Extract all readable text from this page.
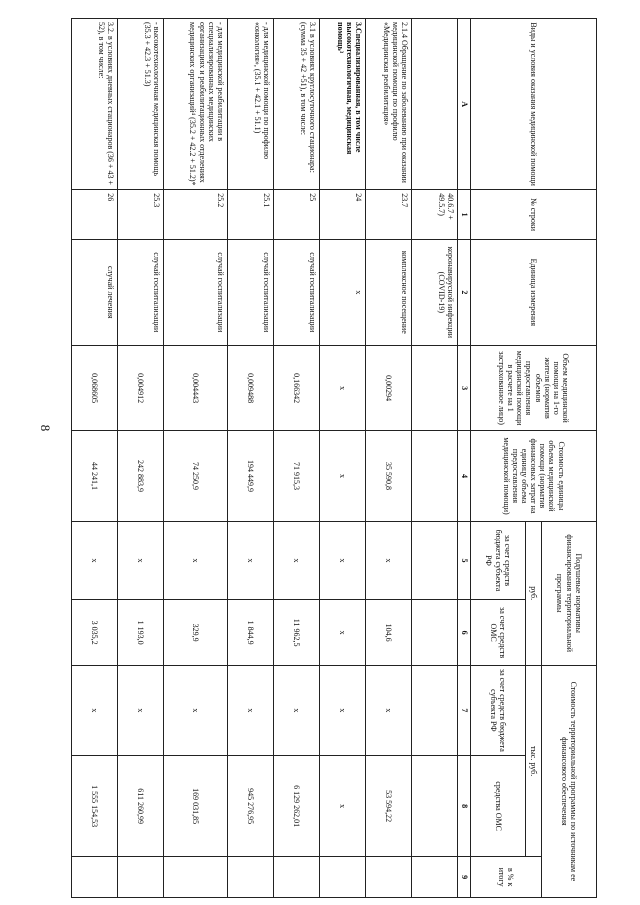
8
Виды и условия оказания медицинской помощи	№ строки	Единица измерения	Объем медицинской помощи на 1-го жителя (норматив объемов предоставления медицинской помощи в расчете на 1 застрахованное лицо)	Стоимость единицы объема медицинской помощи (норматив финансовых затрат на единицу объема предоставления медицинской помощи)	Подушевые нормативы финансирования территориальной программы		Стоимость территориальной программы по источникам ее финансового обеспечения		
					руб.		тыс. руб.		в % к итогу
					за счет средств бюджета субъекта РФ	за счет средств ОМС	за счет средств бюджета субъекта РФ	средства ОМС	
А	1	2	3	4	5	6	7	8	9
	40.6.7 + 49.5.7)	коронавирусной инфекции (COVID-19)							
2.1.4 Обращение по заболеванию при оказании медицинской помощи по профилю «Медицинская реабилитация»	23.7	комплексное посещение	0,00294	35 590,8	х	104,6	х	53 594,22	
3.Специализированная, в том числе высокотехнологичная, медицинская помощь³	24	х	х	х	х	х	х	х	
3.1 в условиях круглосуточного стационара: (сумма 35 + 42 +51), в том числе:	25	случай госпитализации	0,166342	71 915,3	х	11 962,5	х	6 129 262,01	
- для медицинской помощи по профилю «онкология», (35.1 + 42.1 + 51.1)	25.1	случай госпитализации	0,009488	194 449,9	х	1 844,9	х	945 276,95	
- для медицинской реабилитации в специализированных медицинских организациях и реабилитационных отделениях медицинских организаций⁴ (35.2 + 42.2 + 51.2)*	25.2	случай госпитализации	0,004443	74 250,9	х	329,9	х	169 031,85	
- высокотехнологичная медицинская помощь (35.3 + 42.3 + 51.3)	25.3	случай госпитализации	0,004912	242 883,9	х	1 193,0	х	611 260,99	
3.2. в условиях дневных стационаров (36 + 43 + 52), в том числе:	26	случай лечения	0,068605	44 241,1	х	3 035,2	х	1 555 154,53	
